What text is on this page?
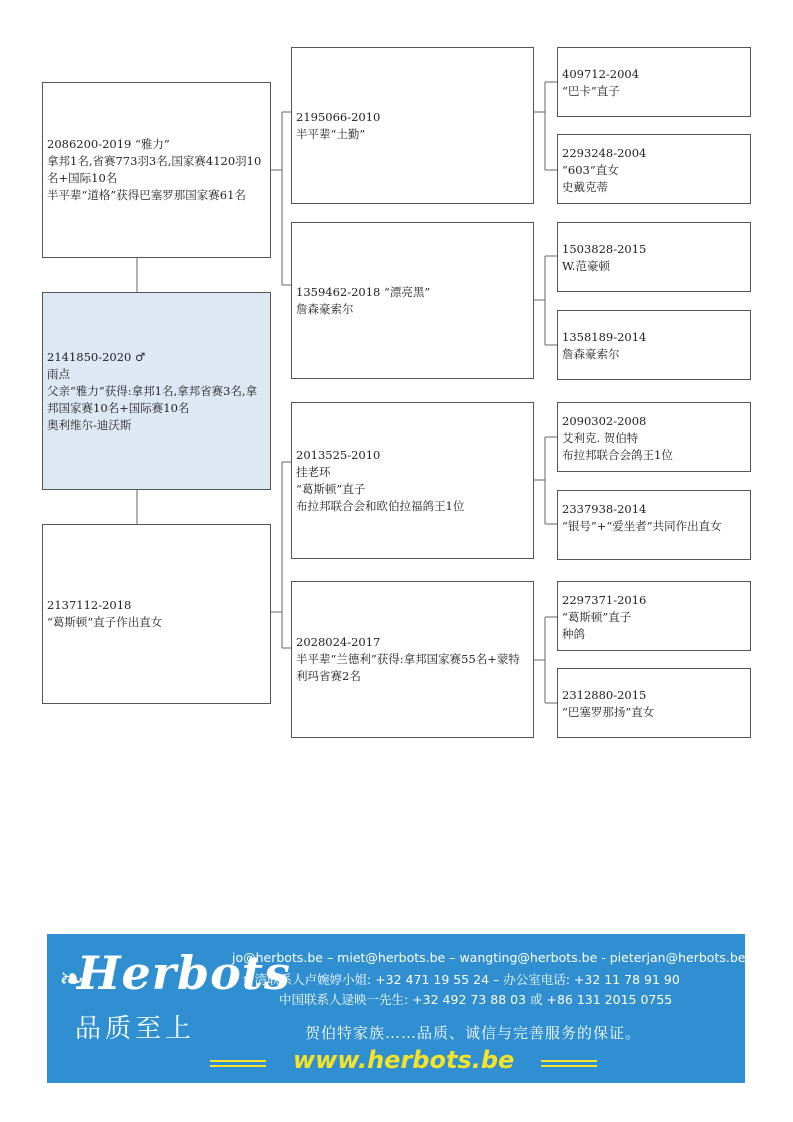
2086200-2019 “雅力”
拿邦1名,省赛773羽3名,国家赛4120羽10名+国际10名
半平辈“道格”获得巴塞罗那国家赛61名
2141850-2020 ♂
雨点
父亲“雅力”获得:拿邦1名,拿邦省赛3名,拿邦国家赛10名+国际赛10名
奥利维尔-迪沃斯
2137112-2018
“葛斯顿”直子作出直女
2195066-2010
半平辈“土勤”
1359462-2018 “漂亮黑”
詹森豪索尔
2013525-2010
挂老环
“葛斯顿”直子
布拉邦联合会和欧伯拉福鸽王1位
2028024-2017
半平辈“兰德利”获得:拿邦国家赛55名+蒙特利玛省赛2名
409712-2004
“巴卡”直子
2293248-2004
“603”直女
史戴克蒂
1503828-2015
W.范豪顿
1358189-2014
詹森豪索尔
2090302-2008
艾利克. 贺伯特
布拉邦联合会鸽王1位
2337938-2014
“银号”+“爱坐者”共同作出直女
2297371-2016
“葛斯顿”直子
种鸽
2312880-2015
“巴塞罗那扬”直女
❧
Herbots
品质至上
jo@herbots.be – miet@herbots.be – wangting@herbots.be - pieterjan@herbots.be
台湾联系人卢婉婷小姐: +32 471 19 55 24 – 办公室电话: +32 11 78 91 90
中国联系人逯映一先生: +32 492 73 88 03 或 +86 131 2015 0755
贺伯特家族……品质、诚信与完善服务的保证。
www.herbots.be
